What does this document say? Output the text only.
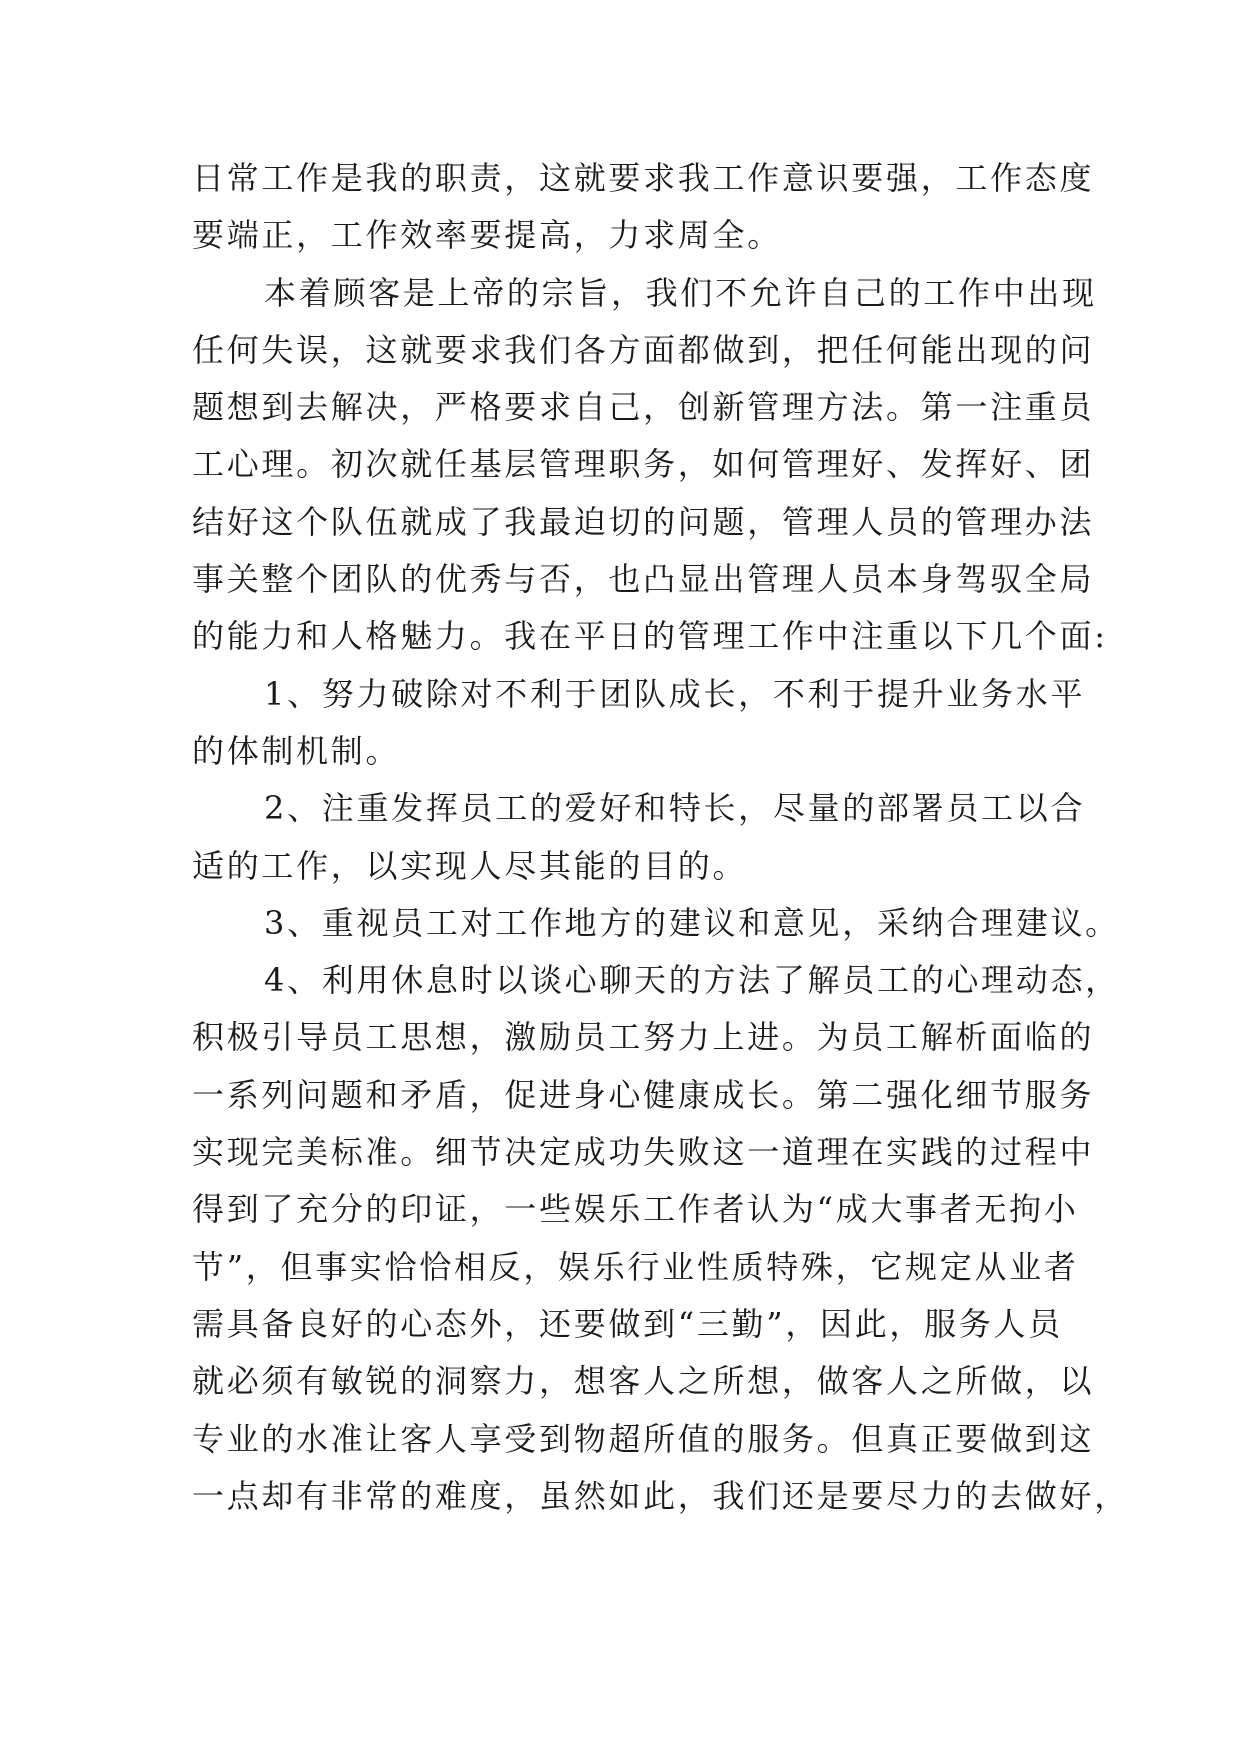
日常工作是我的职责，这就要求我工作意识要强，工作态度
要端正，工作效率要提高，力求周全。
本着顾客是上帝的宗旨，我们不允许自己的工作中出现
任何失误，这就要求我们各方面都做到，把任何能出现的问
题想到去解决，严格要求自己，创新管理方法。第一注重员
工心理。初次就任基层管理职务，如何管理好、发挥好、团
结好这个队伍就成了我最迫切的问题，管理人员的管理办法
事关整个团队的优秀与否，也凸显出管理人员本身驾驭全局
的能力和人格魅力。我在平日的管理工作中注重以下几个面:
1、努力破除对不利于团队成长，不利于提升业务水平
的体制机制。
2、注重发挥员工的爱好和特长，尽量的部署员工以合
适的工作，以实现人尽其能的目的。
3、重视员工对工作地方的建议和意见，采纳合理建议。
4、利用休息时以谈心聊天的方法了解员工的心理动态，
积极引导员工思想，激励员工努力上进。为员工解析面临的
一系列问题和矛盾，促进身心健康成长。第二强化细节服务
实现完美标准。细节决定成功失败这一道理在实践的过程中
得到了充分的印证，一些娱乐工作者认为“成大事者无拘小
节”，但事实恰恰相反，娱乐行业性质特殊，它规定从业者
需具备良好的心态外，还要做到“三勤”，因此，服务人员
就必须有敏锐的洞察力，想客人之所想，做客人之所做，以
专业的水准让客人享受到物超所值的服务。但真正要做到这
一点却有非常的难度，虽然如此，我们还是要尽力的去做好，
